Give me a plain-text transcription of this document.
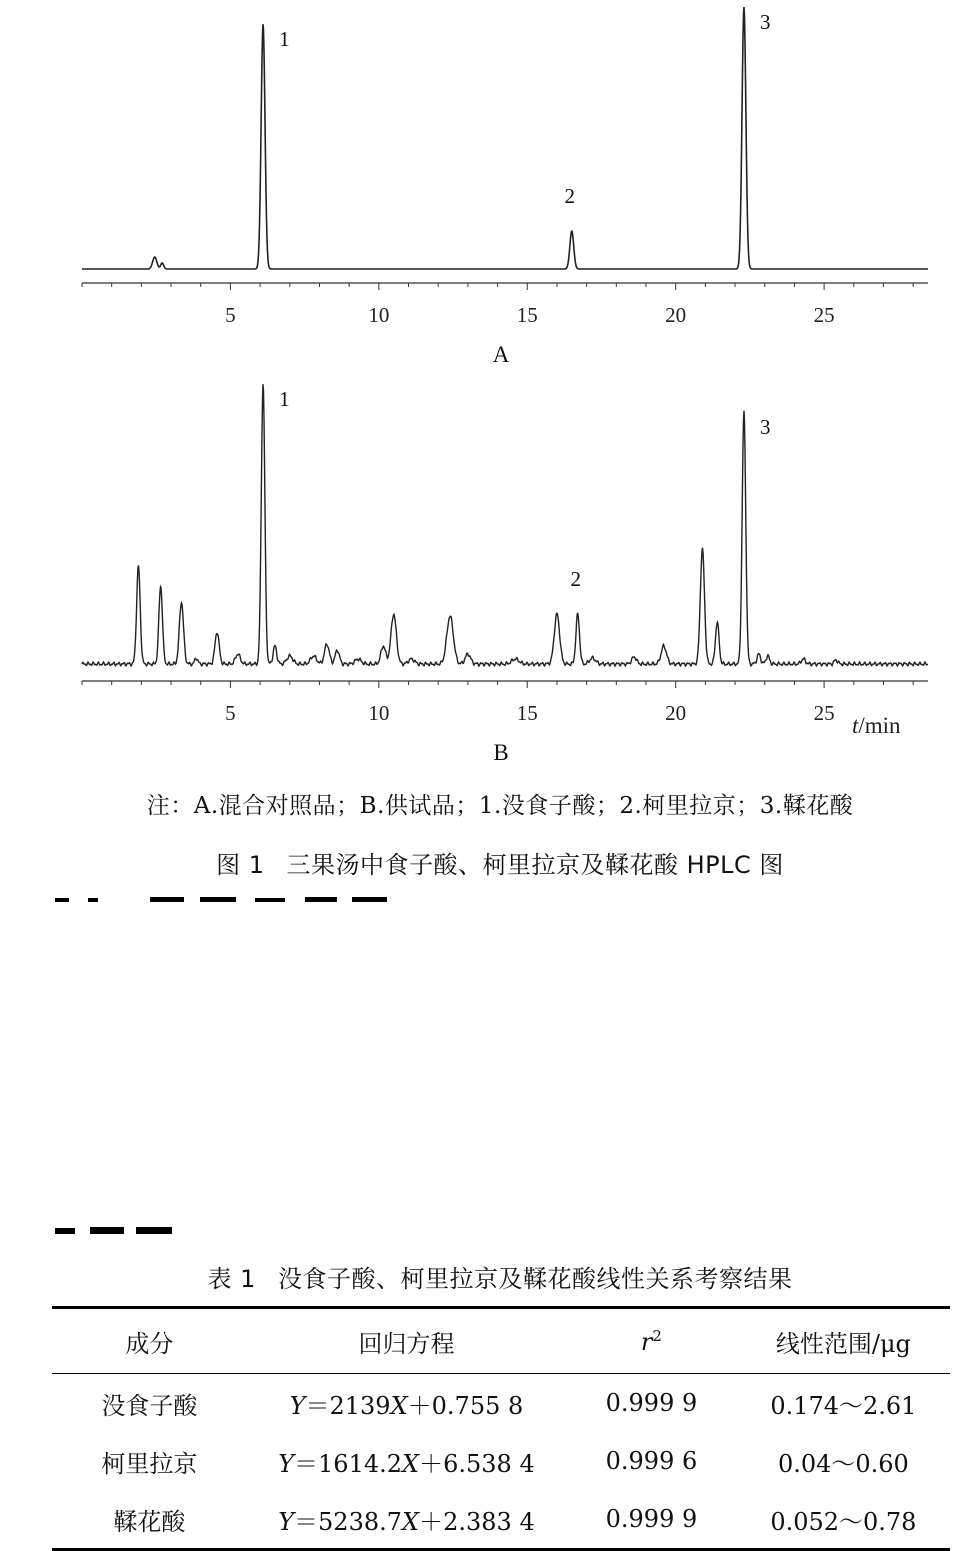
5	10	15	20	25
1
2
3
A
5	10	15	20	25
1
2
3
t/min
B
注：A.混合对照品；B.供试品；1.没食子酸；2.柯里拉京；3.鞣花酸
图 1 三果汤中食子酸、柯里拉京及鞣花酸 HPLC 图
表 1 没食子酸、柯里拉京及鞣花酸线性关系考察结果
成分	回归方程	$r^2$	线性范围/μg
没食子酸	Y＝2139X＋0.755 8	0.999 9	0.174～2.61
柯里拉京	Y＝1614.2X＋6.538 4	0.999 6	0.04～0.60
鞣花酸	Y＝5238.7X＋2.383 4	0.999 9	0.052～0.78
